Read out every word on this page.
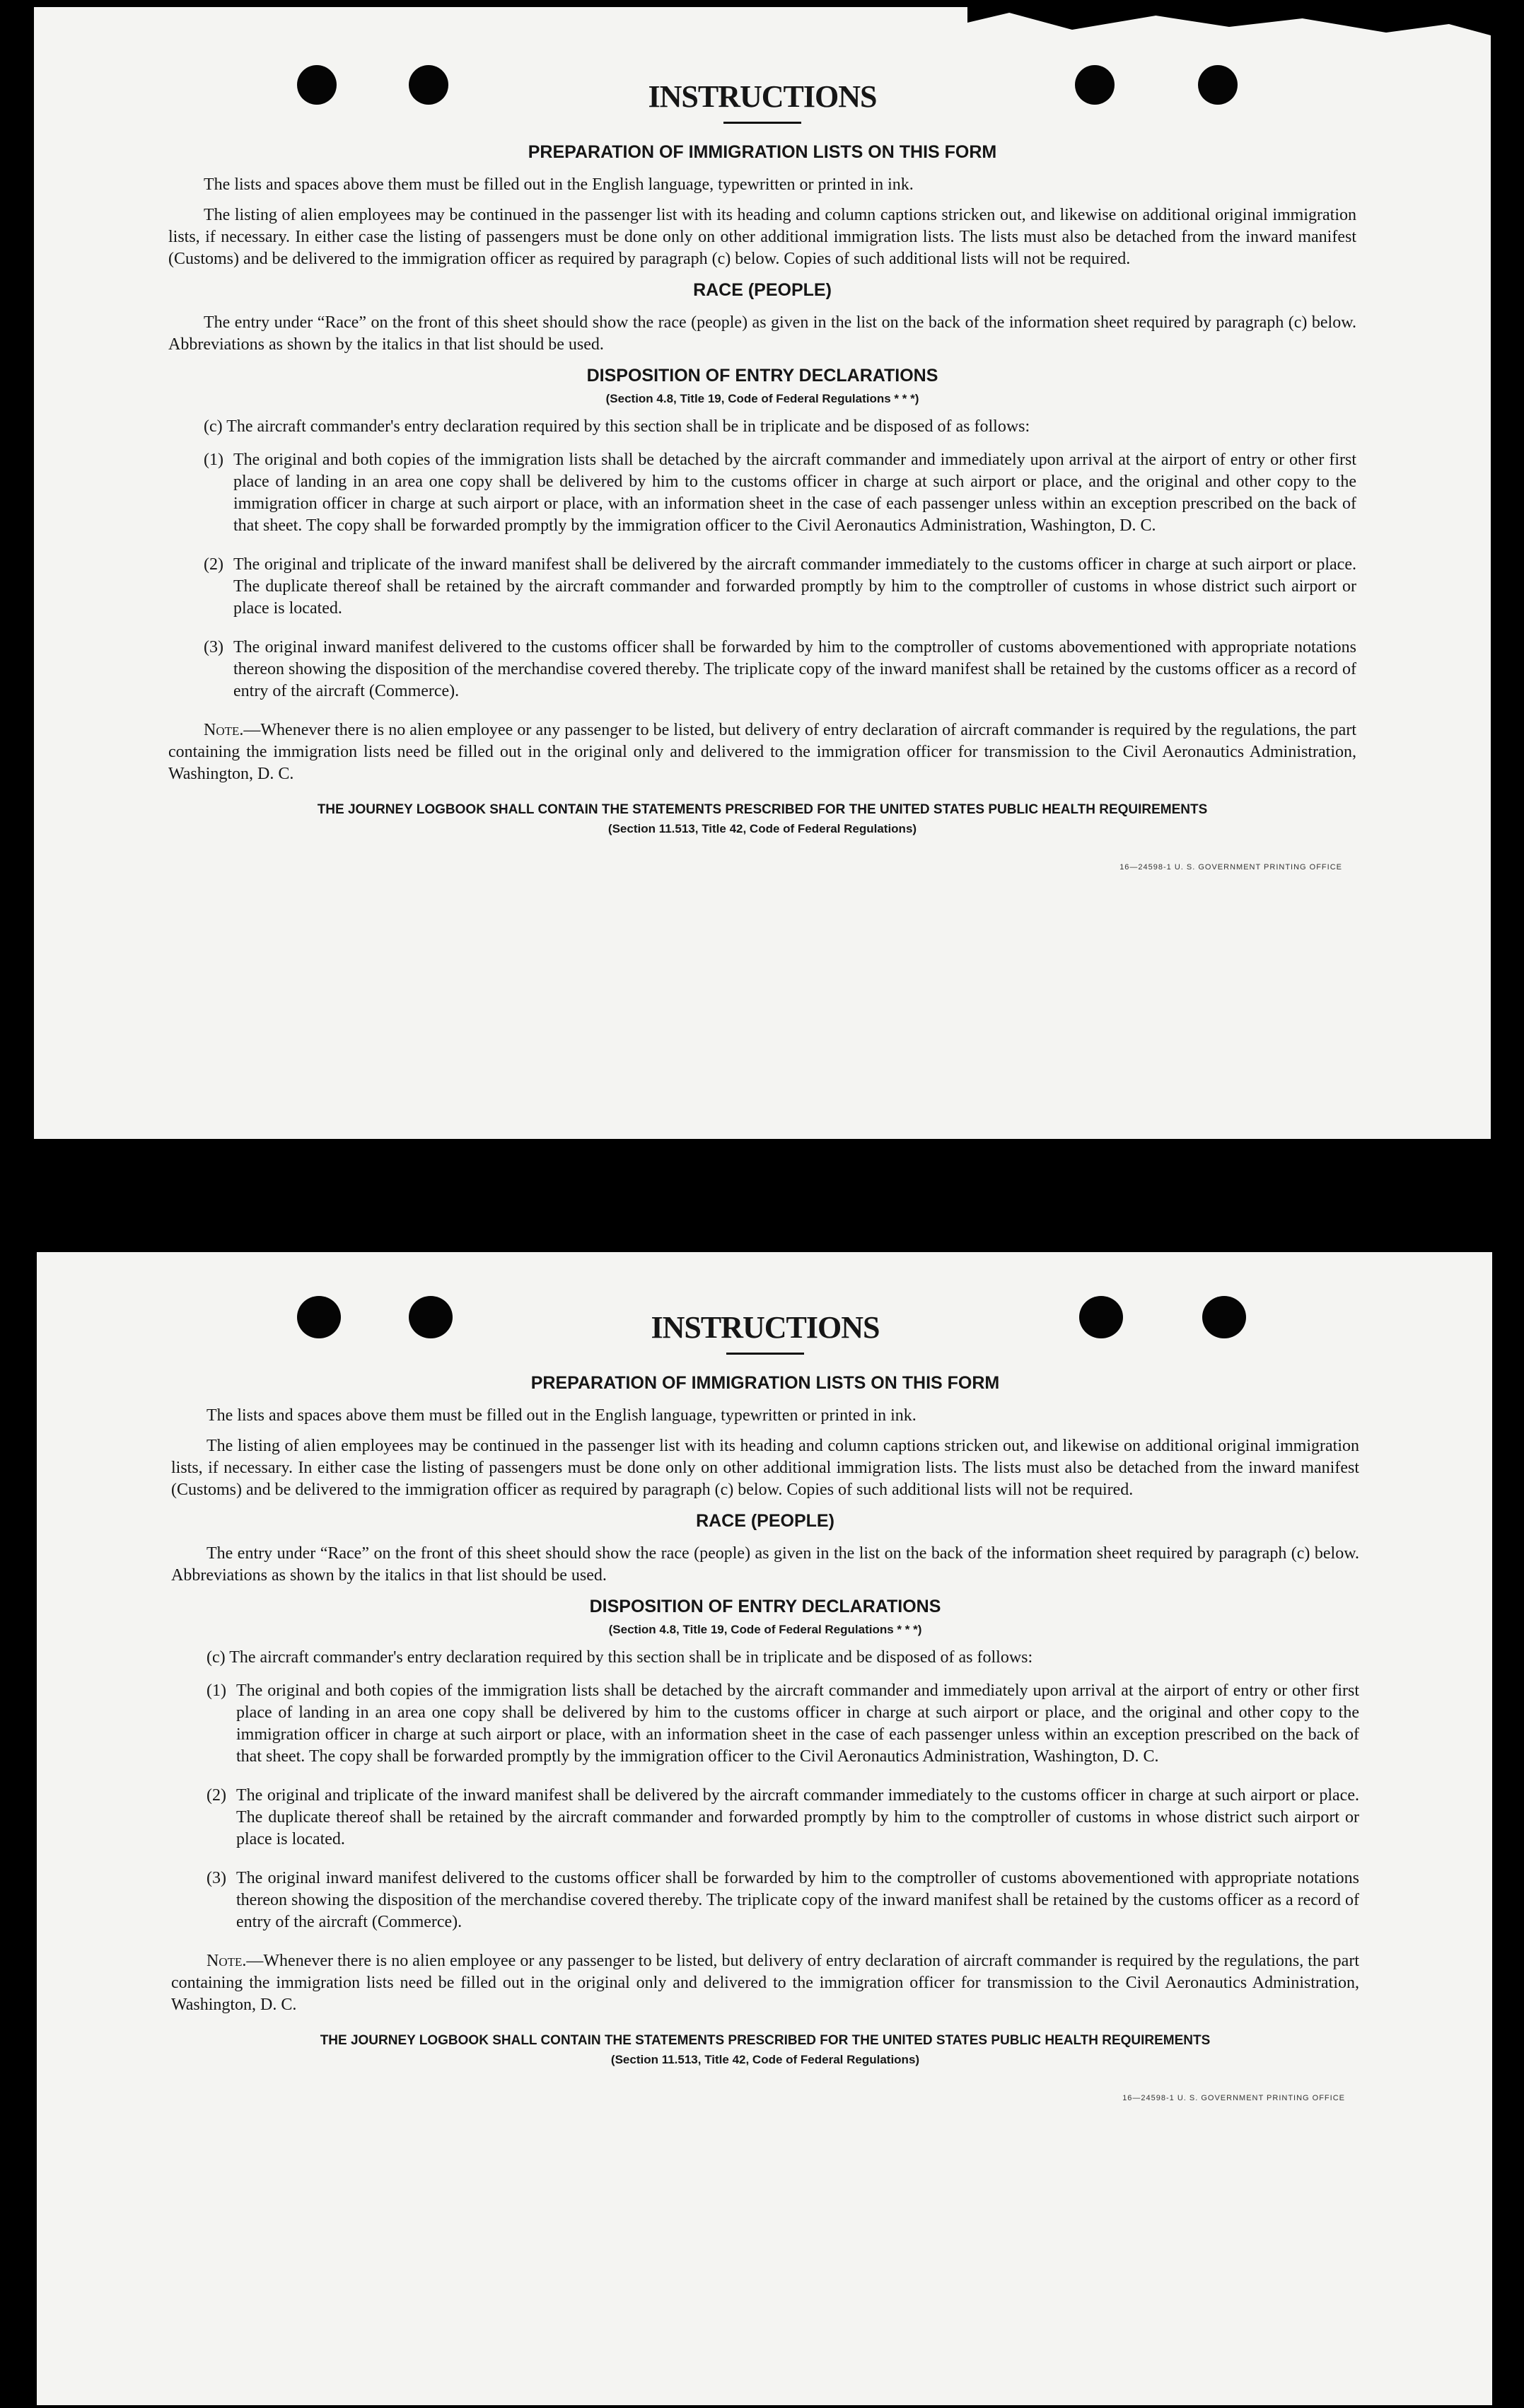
INSTRUCTIONS
PREPARATION OF IMMIGRATION LISTS ON THIS FORM

The lists and spaces above them must be filled out in the English language, typewritten or printed in ink.

The listing of alien employees may be continued in the passenger list with its heading and column captions stricken out, and likewise on additional original immigration lists, if necessary. In either case the listing of passengers must be done only on other additional immigration lists. The lists must also be detached from the inward manifest (Customs) and be delivered to the immigration officer as required by paragraph (c) below. Copies of such additional lists will not be required.

RACE (PEOPLE)

The entry under “Race” on the front of this sheet should show the race (people) as given in the list on the back of the information sheet required by paragraph (c) below. Abbreviations as shown by the italics in that list should be used.

DISPOSITION OF ENTRY DECLARATIONS
(Section 4.8, Title 19, Code of Federal Regulations * * *)

(c) The aircraft commander's entry declaration required by this section shall be in triplicate and be disposed of as follows:

(1) The original and both copies of the immigration lists shall be detached by the aircraft commander and immediately upon arrival at the airport of entry or other first place of landing in an area one copy shall be delivered by him to the customs officer in charge at such airport or place, and the original and other copy to the immigration officer in charge at such airport or place, with an information sheet in the case of each passenger unless within an exception prescribed on the back of that sheet. The copy shall be forwarded promptly by the immigration officer to the Civil Aeronautics Administration, Washington, D. C.
(2) The original and triplicate of the inward manifest shall be delivered by the aircraft commander immediately to the customs officer in charge at such airport or place. The duplicate thereof shall be retained by the aircraft commander and forwarded promptly by him to the comptroller of customs in whose district such airport or place is located.
(3) The original inward manifest delivered to the customs officer shall be forwarded by him to the comptroller of customs abovementioned with appropriate notations thereon showing the disposition of the merchandise covered thereby. The triplicate copy of the inward manifest shall be retained by the customs officer as a record of entry of the aircraft (Commerce).

Note.—Whenever there is no alien employee or any passenger to be listed, but delivery of entry declaration of aircraft commander is required by the regulations, the part containing the immigration lists need be filled out in the original only and delivered to the immigration officer for transmission to the Civil Aeronautics Administration, Washington, D. C.

THE JOURNEY LOGBOOK SHALL CONTAIN THE STATEMENTS PRESCRIBED FOR THE UNITED STATES PUBLIC HEALTH REQUIREMENTS
(Section 11.513, Title 42, Code of Federal Regulations)
16—24598-1 U. S. GOVERNMENT PRINTING OFFICE
INSTRUCTIONS
PREPARATION OF IMMIGRATION LISTS ON THIS FORM

The lists and spaces above them must be filled out in the English language, typewritten or printed in ink.

The listing of alien employees may be continued in the passenger list with its heading and column captions stricken out, and likewise on additional original immigration lists, if necessary. In either case the listing of passengers must be done only on other additional immigration lists. The lists must also be detached from the inward manifest (Customs) and be delivered to the immigration officer as required by paragraph (c) below. Copies of such additional lists will not be required.

RACE (PEOPLE)

The entry under “Race” on the front of this sheet should show the race (people) as given in the list on the back of the information sheet required by paragraph (c) below. Abbreviations as shown by the italics in that list should be used.

DISPOSITION OF ENTRY DECLARATIONS
(Section 4.8, Title 19, Code of Federal Regulations * * *)

(c) The aircraft commander's entry declaration required by this section shall be in triplicate and be disposed of as follows:

(1) The original and both copies of the immigration lists shall be detached by the aircraft commander and immediately upon arrival at the airport of entry or other first place of landing in an area one copy shall be delivered by him to the customs officer in charge at such airport or place, and the original and other copy to the immigration officer in charge at such airport or place, with an information sheet in the case of each passenger unless within an exception prescribed on the back of that sheet. The copy shall be forwarded promptly by the immigration officer to the Civil Aeronautics Administration, Washington, D. C.
(2) The original and triplicate of the inward manifest shall be delivered by the aircraft commander immediately to the customs officer in charge at such airport or place. The duplicate thereof shall be retained by the aircraft commander and forwarded promptly by him to the comptroller of customs in whose district such airport or place is located.
(3) The original inward manifest delivered to the customs officer shall be forwarded by him to the comptroller of customs abovementioned with appropriate notations thereon showing the disposition of the merchandise covered thereby. The triplicate copy of the inward manifest shall be retained by the customs officer as a record of entry of the aircraft (Commerce).

Note.—Whenever there is no alien employee or any passenger to be listed, but delivery of entry declaration of aircraft commander is required by the regulations, the part containing the immigration lists need be filled out in the original only and delivered to the immigration officer for transmission to the Civil Aeronautics Administration, Washington, D. C.

THE JOURNEY LOGBOOK SHALL CONTAIN THE STATEMENTS PRESCRIBED FOR THE UNITED STATES PUBLIC HEALTH REQUIREMENTS
(Section 11.513, Title 42, Code of Federal Regulations)
16—24598-1 U. S. GOVERNMENT PRINTING OFFICE
